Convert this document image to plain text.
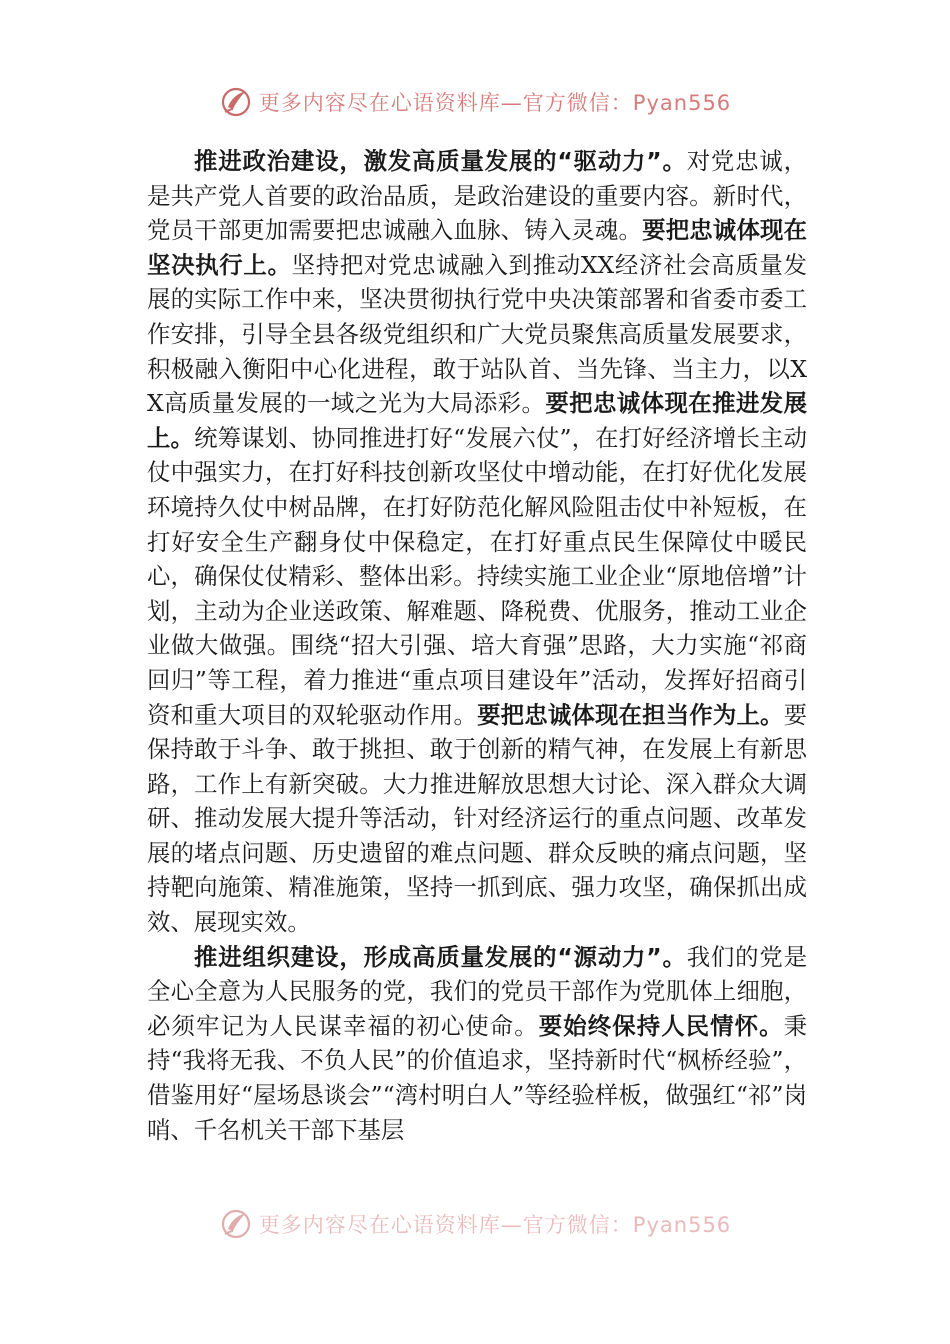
更多内容尽在心语资料库—官方微信：Pyan556

推进政治建设，激发高质量发展的“驱动力”。对党忠诚，是共产党人首要的政治品质，是政治建设的重要内容。新时代，党员干部更加需要把忠诚融入血脉、铸入灵魂。要把忠诚体现在坚决执行上。坚持把对党忠诚融入到推动XX经济社会高质量发展的实际工作中来，坚决贯彻执行党中央决策部署和省委市委工作安排，引导全县各级党组织和广大党员聚焦高质量发展要求，积极融入衡阳中心化进程，敢于站队首、当先锋、当主力，以XX高质量发展的一域之光为大局添彩。要把忠诚体现在推进发展上。统筹谋划、协同推进打好“发展六仗”，在打好经济增长主动仗中强实力，在打好科技创新攻坚仗中增动能，在打好优化发展环境持久仗中树品牌，在打好防范化解风险阻击仗中补短板，在打好安全生产翻身仗中保稳定，在打好重点民生保障仗中暖民心，确保仗仗精彩、整体出彩。持续实施工业企业“原地倍增”计划，主动为企业送政策、解难题、降税费、优服务，推动工业企业做大做强。围绕“招大引强、培大育强”思路，大力实施“祁商回归”等工程，着力推进“重点项目建设年”活动，发挥好招商引资和重大项目的双轮驱动作用。要把忠诚体现在担当作为上。要保持敢于斗争、敢于挑担、敢于创新的精气神，在发展上有新思路，工作上有新突破。大力推进解放思想大讨论、深入群众大调研、推动发展大提升等活动，针对经济运行的重点问题、改革发展的堵点问题、历史遗留的难点问题、群众反映的痛点问题，坚持靶向施策、精准施策，坚持一抓到底、强力攻坚，确保抓出成效、展现实效。

推进组织建设，形成高质量发展的“源动力”。我们的党是全心全意为人民服务的党，我们的党员干部作为党肌体上细胞，必须牢记为人民谋幸福的初心使命。要始终保持人民情怀。秉持“我将无我、不负人民”的价值追求，坚持新时代“枫桥经验”，借鉴用好“屋场恳谈会”“湾村明白人”等经验样板，做强红“祁”岗哨、千名机关干部下基层

更多内容尽在心语资料库—官方微信：Pyan556
